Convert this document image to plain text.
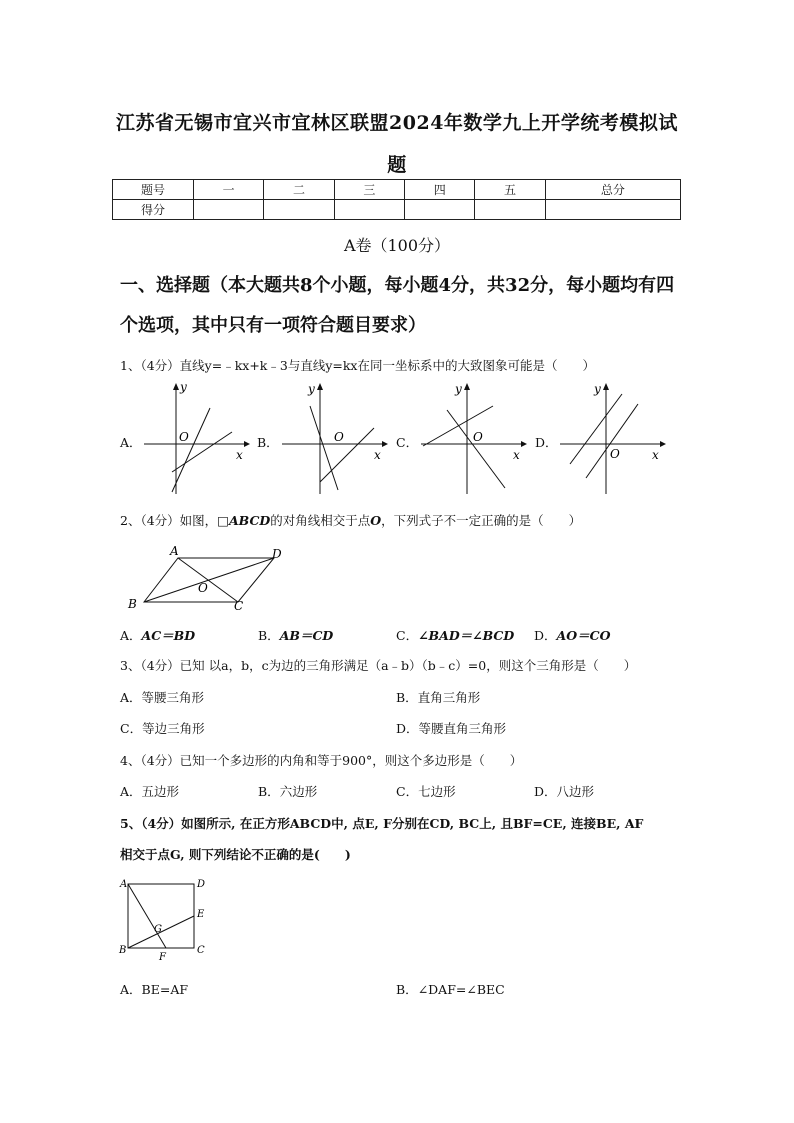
江苏省无锡市宜兴市宜林区联盟2024年数学九上开学统考模拟试
题
题号	一	二	三	四	五	总分
得分						
A卷（100分）
一、选择题（本大题共8个小题，每小题4分，共32分，每小题均有四个选项，其中只有一项符合题目要求）
1、（4分）直线y=﹣kx+k﹣3与直线y=kx在同一坐标系中的大致图象可能是（　　）
A．
y
x
O	B．
y
x
O	C．
y
x
O	D．
y
x
O
2、（4分）如图，□ABCD的对角线相交于点O，下列式子不一定正确的是（　　）
A	D
B	C
O
A．AC＝BD	B．AB＝CD	C．∠BAD＝∠BCD D．AO＝CO
3、（4分）已知 以a，b，c为边的三角形满足（a﹣b）（b﹣c）=0，则这个三角形是（　　）
A．等腰三角形	B．直角三角形
C．等边三角形	D．等腰直角三角形
4、（4分）已知一个多边形的内角和等于900°，则这个多边形是（　　）
A．五边形	B．六边形	C．七边形	D．八边形
5、（4分）如图所示, 在正方形ABCD中, 点E, F分别在CD, BC上, 且BF=CE, 连接BE, AF
相交于点G, 则下列结论不正确的是(　　)
A	D
B	C
E
F
G
A．BE=AF	B．∠DAF=∠BEC
